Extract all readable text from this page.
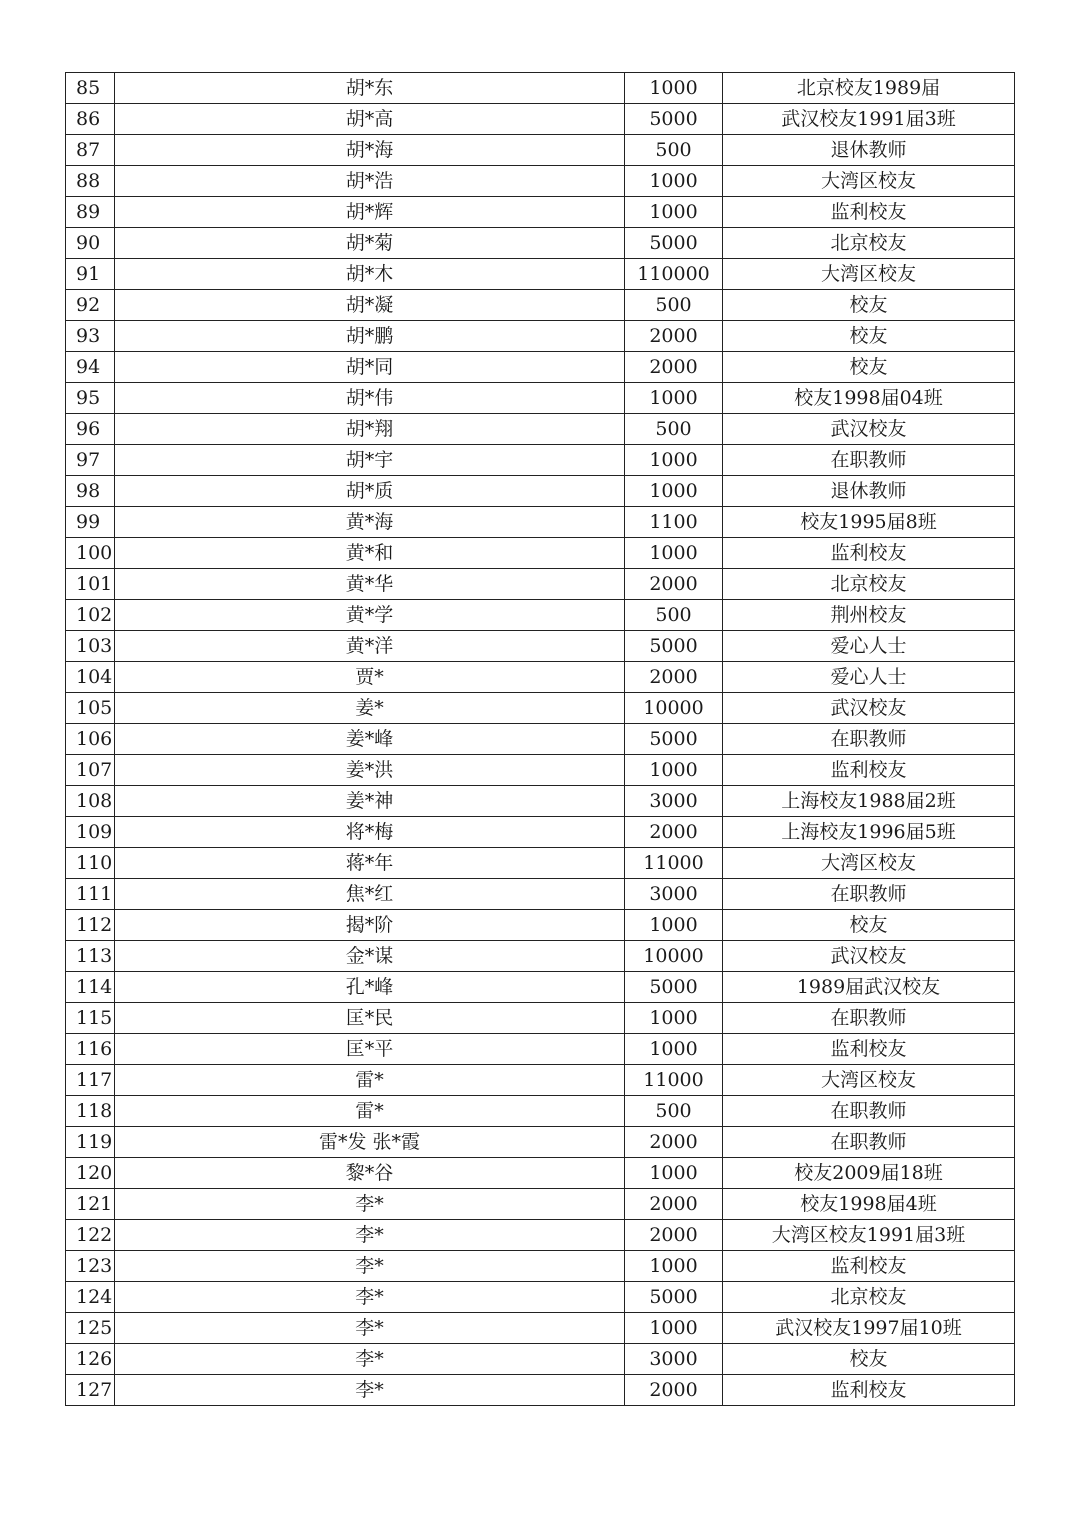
85	胡*东	1000	北京校友1989届
86	胡*高	5000	武汉校友1991届3班
87	胡*海	500	退休教师
88	胡*浩	1000	大湾区校友
89	胡*辉	1000	监利校友
90	胡*菊	5000	北京校友
91	胡*木	110000	大湾区校友
92	胡*凝	500	校友
93	胡*鹏	2000	校友
94	胡*同	2000	校友
95	胡*伟	1000	校友1998届04班
96	胡*翔	500	武汉校友
97	胡*宇	1000	在职教师
98	胡*质	1000	退休教师
99	黄*海	1100	校友1995届8班
100	黄*和	1000	监利校友
101	黄*华	2000	北京校友
102	黄*学	500	荆州校友
103	黄*洋	5000	爱心人士
104	贾*	2000	爱心人士
105	姜*	10000	武汉校友
106	姜*峰	5000	在职教师
107	姜*洪	1000	监利校友
108	姜*神	3000	上海校友1988届2班
109	将*梅	2000	上海校友1996届5班
110	蒋*年	11000	大湾区校友
111	焦*红	3000	在职教师
112	揭*阶	1000	校友
113	金*谋	10000	武汉校友
114	孔*峰	5000	1989届武汉校友
115	匡*民	1000	在职教师
116	匡*平	1000	监利校友
117	雷*	11000	大湾区校友
118	雷*	500	在职教师
119	雷*发 张*霞	2000	在职教师
120	黎*谷	1000	校友2009届18班
121	李*	2000	校友1998届4班
122	李*	2000	大湾区校友1991届3班
123	李*	1000	监利校友
124	李*	5000	北京校友
125	李*	1000	武汉校友1997届10班
126	李*	3000	校友
127	李*	2000	监利校友
